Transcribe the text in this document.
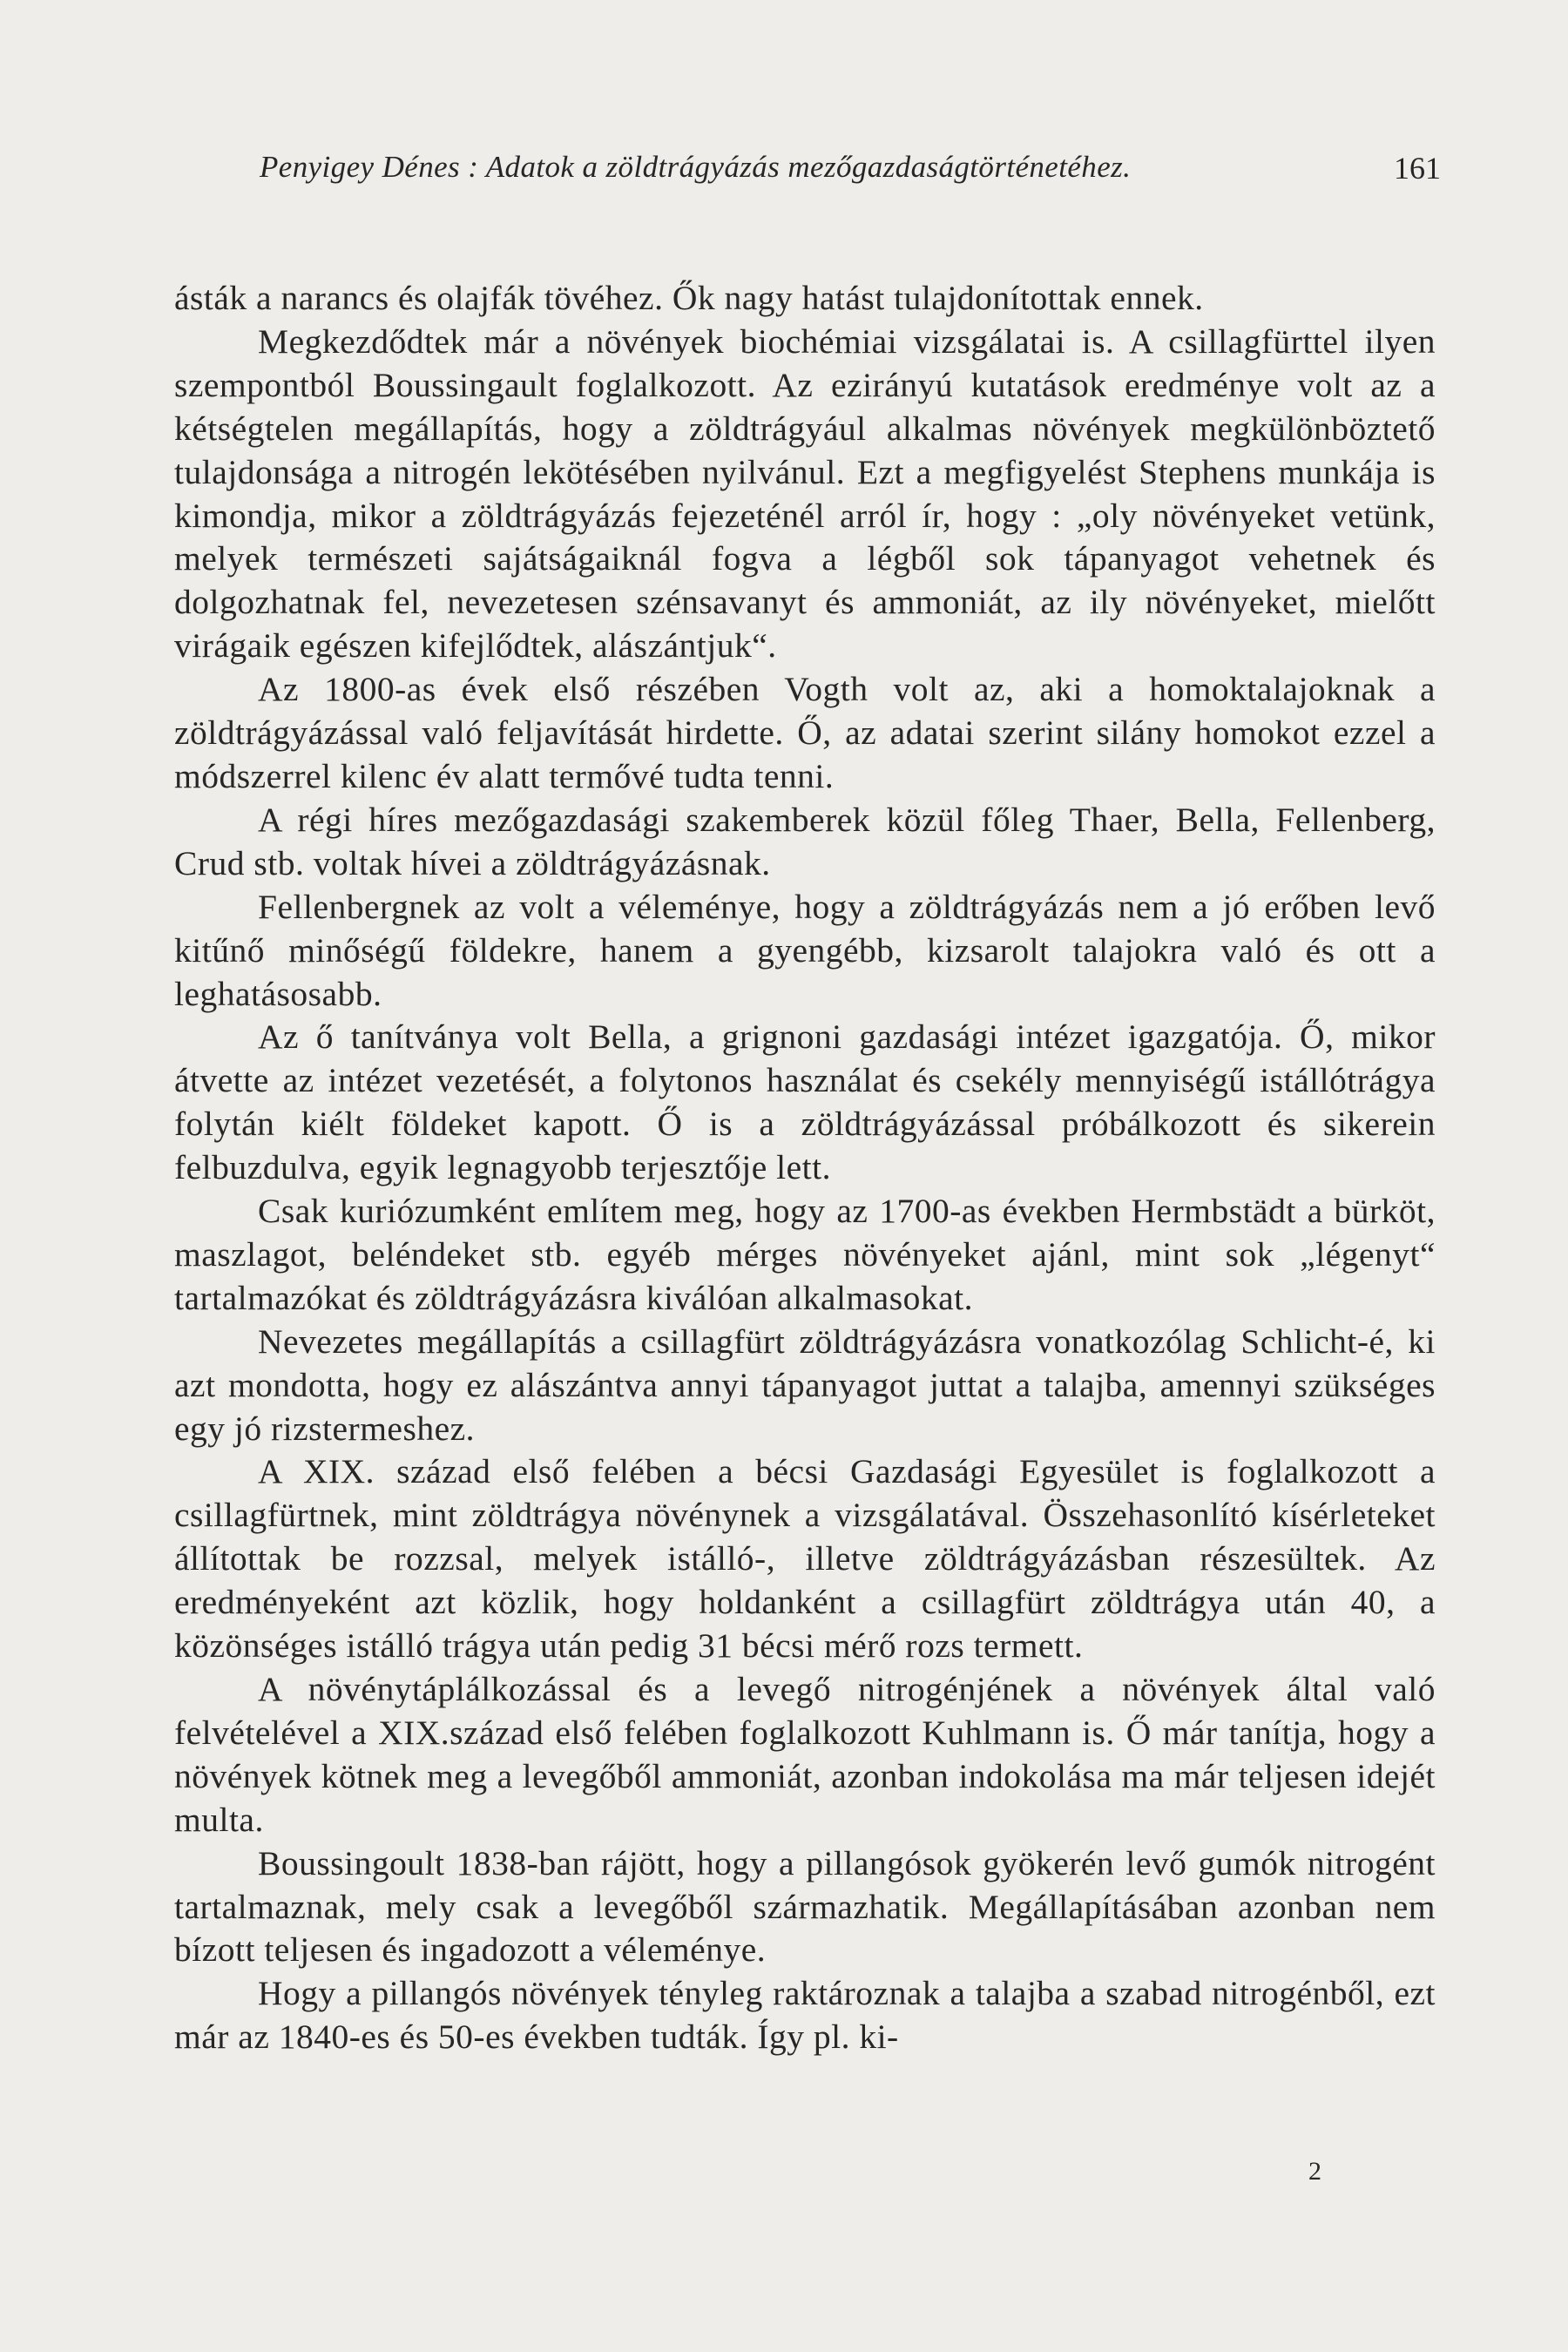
Penyigey Dénes : Adatok a zöldtrágyázás mezőgazdaságtörténetéhez.	161

ásták a narancs és olajfák tövéhez. Ők nagy hatást tulajdonítottak ennek.

Megkezdődtek már a növények biochémiai vizsgálatai is. A csillagfürttel ilyen szempontból Boussingault foglalkozott. Az ezirányú kutatások eredménye volt az a kétségtelen megállapítás, hogy a zöldtrágyául alkalmas növények megkülönböztető tulajdonsága a nitrogén lekötésében nyilvánul. Ezt a megfigyelést Stephens munkája is kimondja, mikor a zöldtrágyázás fejezeténél arról ír, hogy : „oly növényeket vetünk, melyek természeti sajátságaiknál fogva a légből sok tápanyagot vehetnek és dolgozhatnak fel, nevezetesen szénsavanyt és ammoniát, az ily növényeket, mielőtt virágaik egészen kifejlődtek, alászántjuk“.

Az 1800-as évek első részében Vogth volt az, aki a homoktalajoknak a zöldtrágyázással való feljavítását hirdette. Ő, az adatai szerint silány homokot ezzel a módszerrel kilenc év alatt termővé tudta tenni.

A régi híres mezőgazdasági szakemberek közül főleg Thaer, Bella, Fellenberg, Crud stb. voltak hívei a zöldtrágyázásnak.

Fellenbergnek az volt a véleménye, hogy a zöldtrágyázás nem a jó erőben levő kitűnő minőségű földekre, hanem a gyengébb, kizsarolt talajokra való és ott a leghatásosabb.

Az ő tanítványa volt Bella, a grignoni gazdasági intézet igazgatója. Ő, mikor átvette az intézet vezetését, a folytonos használat és csekély mennyiségű istállótrágya folytán kiélt földeket kapott. Ő is a zöldtrágyázással próbálkozott és sikerein felbuzdulva, egyik legnagyobb terjesztője lett.

Csak kuriózumként említem meg, hogy az 1700-as években Hermbstädt a bürköt, maszlagot, beléndeket stb. egyéb mérges növényeket ajánl, mint sok „légenyt“ tartalmazókat és zöldtrágyázásra kiválóan alkalmasokat.

Nevezetes megállapítás a csillagfürt zöldtrágyázásra vonatkozólag Schlicht-é, ki azt mondotta, hogy ez alászántva annyi tápanyagot juttat a talajba, amennyi szükséges egy jó rizstermeshez.

A XIX. század első felében a bécsi Gazdasági Egyesület is foglalkozott a csillagfürtnek, mint zöldtrágya növénynek a vizsgálatával. Összehasonlító kísérleteket állítottak be rozzsal, melyek istálló-, illetve zöldtrágyázásban részesültek. Az eredményeként azt közlik, hogy holdanként a csillagfürt zöldtrágya után 40, a közönséges istálló trágya után pedig 31 bécsi mérő rozs termett.

A növénytáplálkozással és a levegő nitrogénjének a növények által való felvételével a XIX.század első felében foglalkozott Kuhlmann is. Ő már tanítja, hogy a növények kötnek meg a levegőből ammoniát, azonban indokolása ma már teljesen idejét multa.

Boussingoult 1838-ban rájött, hogy a pillangósok gyökerén levő gumók nitrogént tartalmaznak, mely csak a levegőből származhatik. Megállapításában azonban nem bízott teljesen és ingadozott a véleménye.

Hogy a pillangós növények tényleg raktároznak a talajba a szabad nitrogénből, ezt már az 1840-es és 50-es években tudták. Így pl. ki-

2
